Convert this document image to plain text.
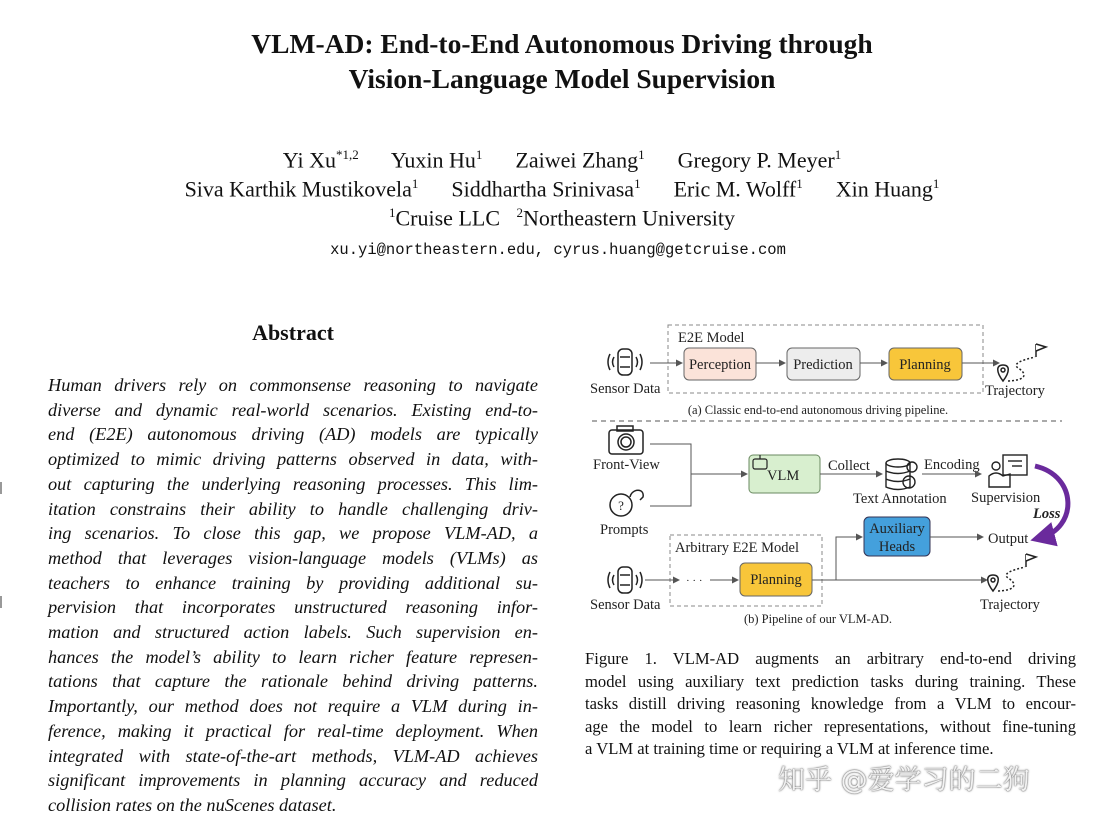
VLM-AD: End-to-End Autonomous Driving through
Vision-Language Model Supervision
Yi Xu$^{*1,2}$ Yuxin Hu$^1$ Zaiwei Zhang$^1$ Gregory P. Meyer$^1$
Siva Karthik Mustikovela$^1$ Siddhartha Srinivasa$^1$ Eric M. Wolff$^1$ Xin Huang$^1$
$^1$Cruise LLC $^2$Northeastern University
xu.yi@northeastern.edu, cyrus.huang@getcruise.com
Abstract
Human drivers rely on commonsense reasoning to navigate
diverse and dynamic real-world scenarios. Existing end-to-
end (E2E) autonomous driving (AD) models are typically
optimized to mimic driving patterns observed in data, with-
out capturing the underlying reasoning processes. This lim-
itation constrains their ability to handle challenging driv-
ing scenarios. To close this gap, we propose VLM-AD, a
method that leverages vision-language models (VLMs) as
teachers to enhance training by providing additional su-
pervision that incorporates unstructured reasoning infor-
mation and structured action labels. Such supervision en-
hances the model’s ability to learn richer feature represen-
tations that capture the rationale behind driving patterns.
Importantly, our method does not require a VLM during in-
ference, making it practical for real-time deployment. When
integrated with state-of-the-art methods, VLM-AD achieves
significant improvements in planning accuracy and reduced
collision rates on the nuScenes dataset.
E2E Model
Sensor Data
Perception	Prediction	Planning
Trajectory
(a) Classic end-to-end autonomous driving pipeline.
Front-View
?
Prompts
VLM
Collect
Text Annotation
Encoding
Supervision
Loss
Auxiliary
Heads	Output
Arbitrary E2E Model
Sensor Data
· · ·	Planning
Trajectory
(b) Pipeline of our VLM-AD.
Figure 1. VLM-AD augments an arbitrary end-to-end driving
model using auxiliary text prediction tasks during training. These
tasks distill driving reasoning knowledge from a VLM to encour-
age the model to learn richer representations, without fine-tuning
a VLM at training time or requiring a VLM at inference time.
知乎 @爱学习的二狗
